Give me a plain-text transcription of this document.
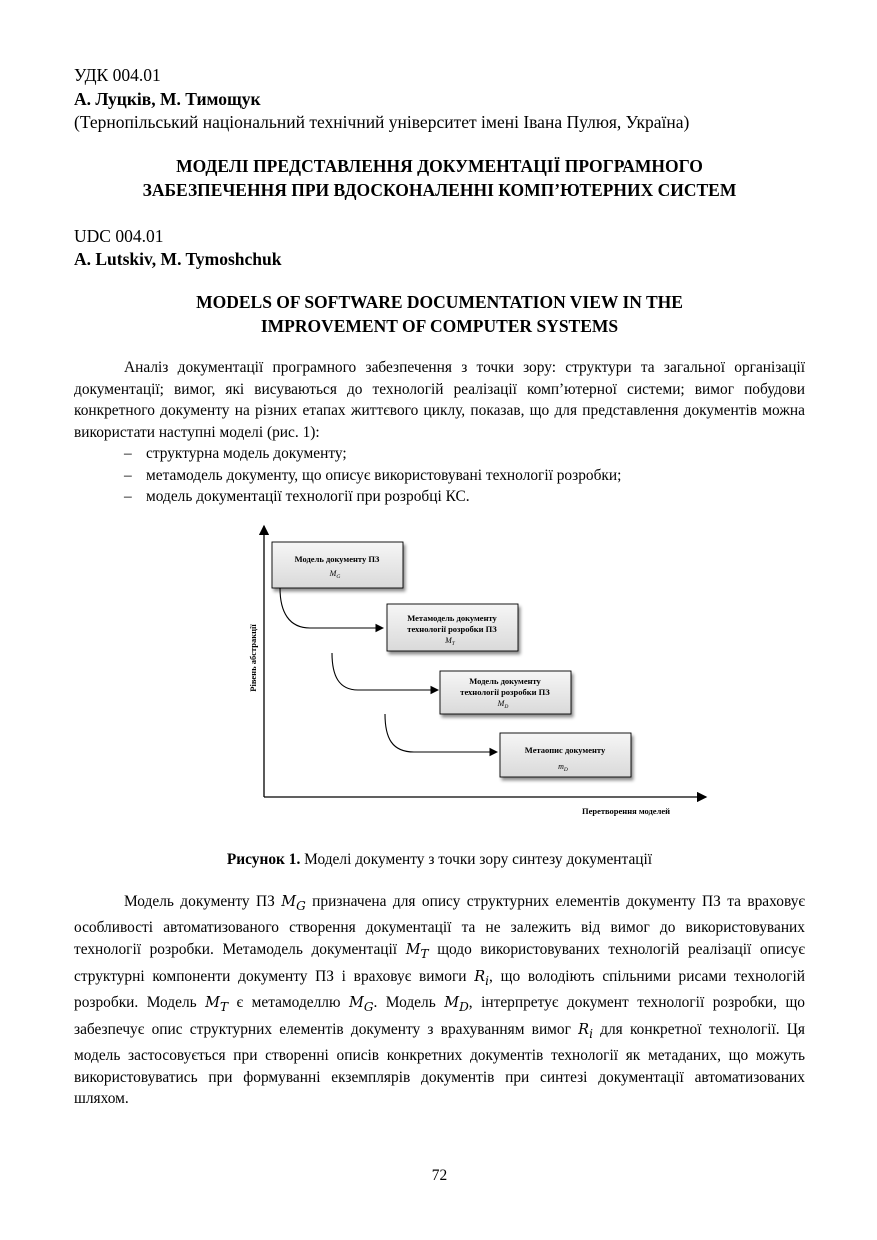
УДК 004.01
А. Луцків, М. Тимощук
(Тернопільський національний технічний університет імені Івана Пулюя, Україна)
МОДЕЛІ ПРЕДСТАВЛЕННЯ ДОКУМЕНТАЦІЇ ПРОГРАМНОГО
ЗАБЕЗПЕЧЕННЯ ПРИ ВДОСКОНАЛЕННІ КОМП’ЮТЕРНИХ СИСТЕМ
UDC 004.01
A. Lutskiv, M. Tymoshchuk
MODELS OF SOFTWARE DOCUMENTATION VIEW IN THE
IMPROVEMENT OF COMPUTER SYSTEMS

Аналіз документації програмного забезпечення з точки зору: структури та загальної організації документації; вимог, які висуваються до технологій реалізації комп’ютерної системи; вимог побудови конкретного документу на різних етапах життєвого циклу, показав, що для представлення документів можна використати наступні моделі (рис. 1):

– структурна модель документу;
– метамодель документу, що описує використовувані технології розробки;
– модель документації технології при розробці КС.
Рівень абстракції
Перетворення моделей
Модель документу ПЗ
$M_G$
Метамодель документу
технології розробки ПЗ
$M_T$
Модель документу
технології розробки ПЗ
$M_D$
Метаопис документу
$m_D$
Рисунок 1. Моделі документу з точки зору синтезу документації

Модель документу ПЗ $M_G$ призначена для опису структурних елементів документу ПЗ та враховує особливості автоматизованого створення документації та не залежить від вимог до використовуваних технології розробки. Метамодель документації $M_T$ щодо використовуваних технологій реалізації описує структурні компоненти документу ПЗ і враховує вимоги $R_i$, що володіють спільними рисами технологій розробки. Модель $M_T$ є метамоделлю $M_G$. Модель $M_D$, інтерпретує документ технології розробки, що забезпечує опис структурних елементів документу з врахуванням вимог $R_i$ для конкретної технології. Ця модель застосовується при створенні описів конкретних документів технології як метаданих, що можуть використовуватись при формуванні екземплярів документів при синтезі документації автоматизованих шляхом.

72
